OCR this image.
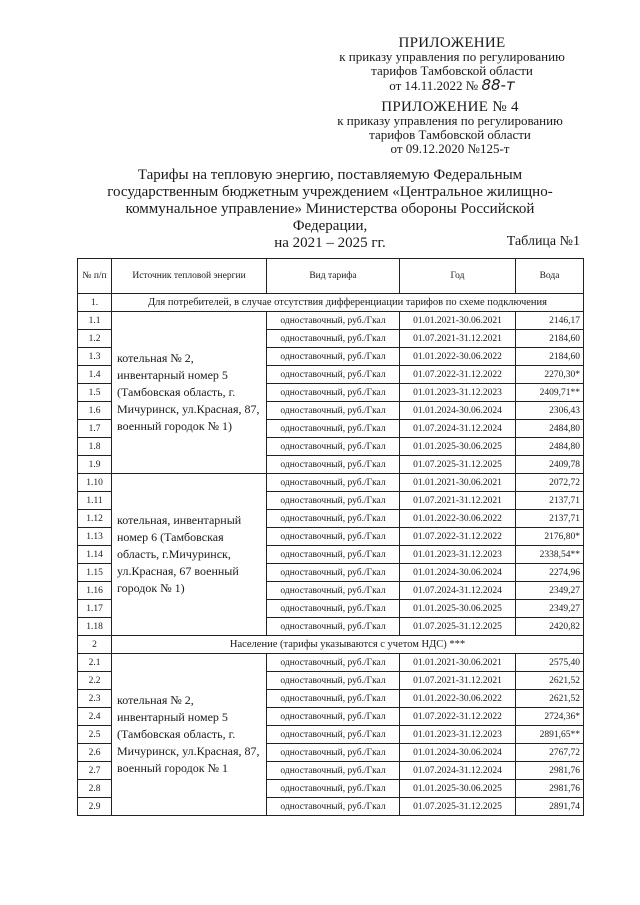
ПРИЛОЖЕНИЕ
к приказу управления по регулированию
тарифов Тамбовской области
от 14.11.2022 № 88-т
ПРИЛОЖЕНИЕ № 4
к приказу управления по регулированию
тарифов Тамбовской области
от 09.12.2020 №125-т
Тарифы на тепловую энергию, поставляемую Федеральным
государственным бюджетным учреждением «Центральное жилищно-
коммунальное управление» Министерства обороны Российской Федерации,
на 2021 – 2025 гг.	Таблица №1
№ п/п	Источник тепловой энергии	Вид тарифа	Год	Вода
1.	Для потребителей, в случае отсутствия дифференциации тарифов по схеме подключения			
1.1	котельная № 2, инвентарный номер 5 (Тамбовская область, г. Мичуринск, ул.Красная, 87, военный городок № 1)	одноставочный, руб./Гкал	01.01.2021-30.06.2021	2146,17
1.2		одноставочный, руб./Гкал	01.07.2021-31.12.2021	2184,60
1.3		одноставочный, руб./Гкал	01.01.2022-30.06.2022	2184,60
1.4		одноставочный, руб./Гкал	01.07.2022-31.12.2022	2270,30*
1.5		одноставочный, руб./Гкал	01.01.2023-31.12.2023	2409,71**
1.6		одноставочный, руб./Гкал	01.01.2024-30.06.2024	2306,43
1.7		одноставочный, руб./Гкал	01.07.2024-31.12.2024	2484,80
1.8		одноставочный, руб./Гкал	01.01.2025-30.06.2025	2484,80
1.9		одноставочный, руб./Гкал	01.07.2025-31.12.2025	2409,78
1.10	котельная, инвентарный номер 6 (Тамбовская область, г.Мичуринск, ул.Красная, 67 военный городок № 1)	одноставочный, руб./Гкал	01.01.2021-30.06.2021	2072,72
1.11		одноставочный, руб./Гкал	01.07.2021-31.12.2021	2137,71
1.12		одноставочный, руб./Гкал	01.01.2022-30.06.2022	2137,71
1.13		одноставочный, руб./Гкал	01.07.2022-31.12.2022	2176,80*
1.14		одноставочный, руб./Гкал	01.01.2023-31.12.2023	2338,54**
1.15		одноставочный, руб./Гкал	01.01.2024-30.06.2024	2274,96
1.16		одноставочный, руб./Гкал	01.07.2024-31.12.2024	2349,27
1.17		одноставочный, руб./Гкал	01.01.2025-30.06.2025	2349,27
1.18		одноставочный, руб./Гкал	01.07.2025-31.12.2025	2420,82
2	Население (тарифы указываются с учетом НДС) ***			
2.1	котельная № 2, инвентарный номер 5 (Тамбовская область, г. Мичуринск, ул.Красная, 87, военный городок № 1	одноставочный, руб./Гкал	01.01.2021-30.06.2021	2575,40
2.2		одноставочный, руб./Гкал	01.07.2021-31.12.2021	2621,52
2.3		одноставочный, руб./Гкал	01.01.2022-30.06.2022	2621,52
2.4		одноставочный, руб./Гкал	01.07.2022-31.12.2022	2724,36*
2.5		одноставочный, руб./Гкал	01.01.2023-31.12.2023	2891,65**
2.6		одноставочный, руб./Гкал	01.01.2024-30.06.2024	2767,72
2.7		одноставочный, руб./Гкал	01.07.2024-31.12.2024	2981,76
2.8		одноставочный, руб./Гкал	01.01.2025-30.06.2025	2981,76
2.9		одноставочный, руб./Гкал	01.07.2025-31.12.2025	2891,74
